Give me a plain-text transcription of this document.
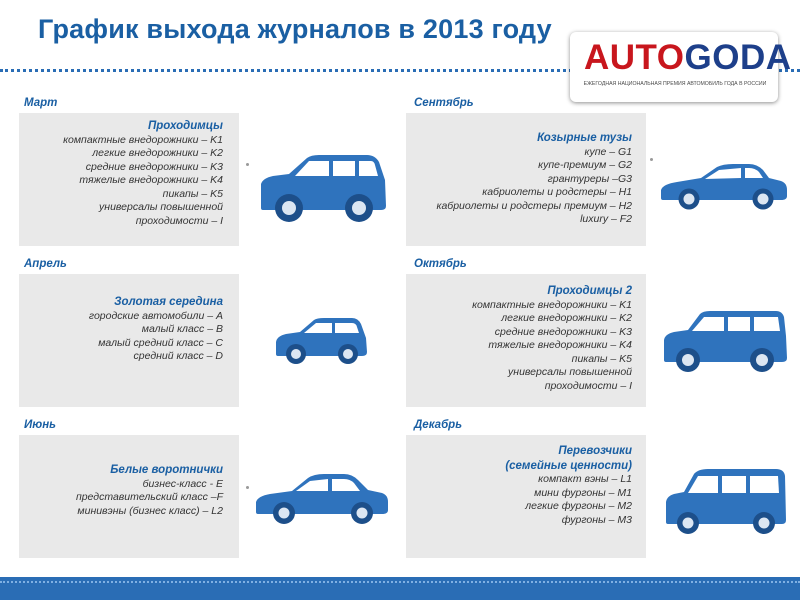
График выхода журналов в 2013 году
AUTOGODA
ЕЖЕГОДНАЯ НАЦИОНАЛЬНАЯ ПРЕМИЯ АВТОМОБИЛЬ ГОДА В РОССИИ
Март
Проходимцы
компактные внедорожники – K1
легкие внедорожники – K2
средние внедорожники – K3
тяжелые внедорожники – K4
пикапы – K5
универсалы повышенной
проходимости – I
Апрель
Золотая середина
городские автомобили – A
малый класс – B
малый средний класс – C
средний класс – D
Июнь
Белые воротнички
бизнес-класс - E
представительский класс –F
минивэны (бизнес класс) – L2
Сентябрь
Козырные тузы
купе – G1
купе-премиум – G2
грантуреры –G3
кабриолеты и родстеры – H1
кабриолеты и родстеры премиум – H2
luxury – F2
Октябрь
Проходимцы 2
компактные внедорожники – K1
легкие внедорожники – K2
средние внедорожники – K3
тяжелые внедорожники – K4
пикапы – K5
универсалы повышенной
проходимости – I
Декабрь
Перевозчики
(семейные ценности)
компакт вэны – L1
мини фургоны – M1
легкие фургоны – M2
фургоны – M3
